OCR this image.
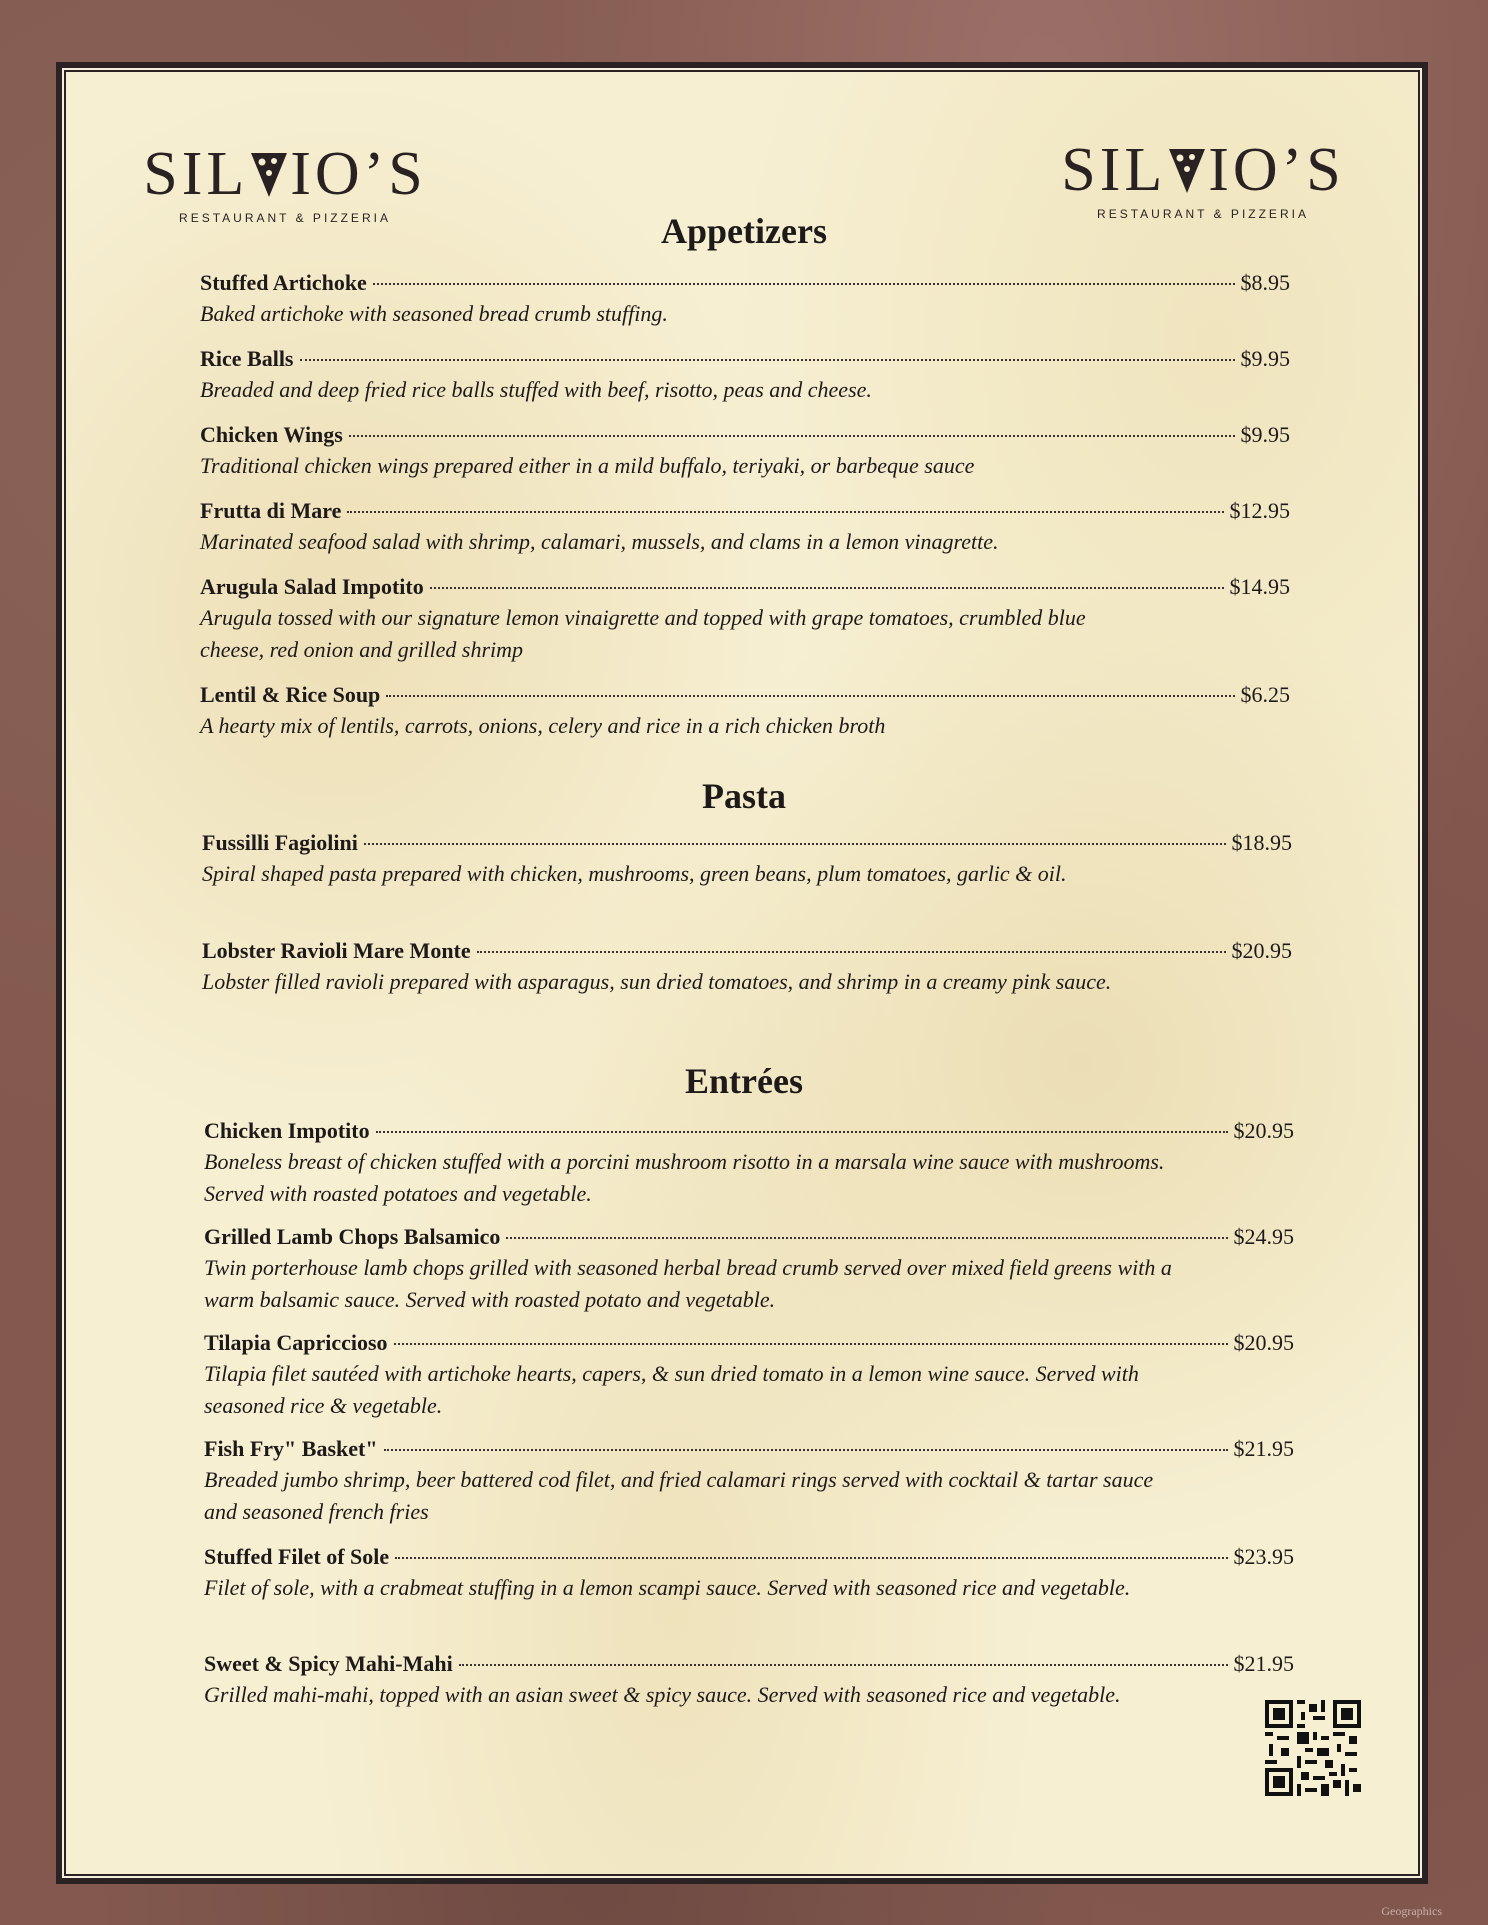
SIL IO’S
RESTAURANT & PIZZERIA
SIL IO’S
RESTAURANT & PIZZERIA
Appetizers
Stuffed Artichoke	$8.95
Baked artichoke with seasoned bread crumb stuffing.
Rice Balls	$9.95
Breaded and deep fried rice balls stuffed with beef, risotto, peas and cheese.
Chicken Wings	$9.95
Traditional chicken wings prepared either in a mild buffalo, teriyaki, or barbeque sauce
Frutta di Mare	$12.95
Marinated seafood salad with shrimp, calamari, mussels, and clams in a lemon vinagrette.
Arugula Salad Impotito	$14.95
Arugula tossed with our signature lemon vinaigrette and topped with grape tomatoes, crumbled blue cheese, red onion and grilled shrimp
Lentil & Rice Soup	$6.25
A hearty mix of lentils, carrots, onions, celery and rice in a rich chicken broth
Pasta
Fussilli Fagiolini	$18.95
Spiral shaped pasta prepared with chicken, mushrooms, green beans, plum tomatoes, garlic & oil.
Lobster Ravioli Mare Monte	$20.95
Lobster filled ravioli prepared with asparagus, sun dried tomatoes, and shrimp in a creamy pink sauce.
Entrées
Chicken Impotito	$20.95
Boneless breast of chicken stuffed with a porcini mushroom risotto in a marsala wine sauce with mushrooms. Served with roasted potatoes and vegetable.
Grilled Lamb Chops Balsamico	$24.95
Twin porterhouse lamb chops grilled with seasoned herbal bread crumb served over mixed field greens with a warm balsamic sauce. Served with roasted potato and vegetable.
Tilapia Capriccioso	$20.95
Tilapia filet sautéed with artichoke hearts, capers, & sun dried tomato in a lemon wine sauce. Served with seasoned rice & vegetable.
Fish Fry" Basket"	$21.95
Breaded jumbo shrimp, beer battered cod filet, and fried calamari rings served with cocktail & tartar sauce and seasoned french fries
Stuffed Filet of Sole	$23.95
Filet of sole, with a crabmeat stuffing in a lemon scampi sauce. Served with seasoned rice and vegetable.
Sweet & Spicy Mahi-Mahi	$21.95
Grilled mahi-mahi, topped with an asian sweet & spicy sauce. Served with seasoned rice and vegetable.
Geographics
